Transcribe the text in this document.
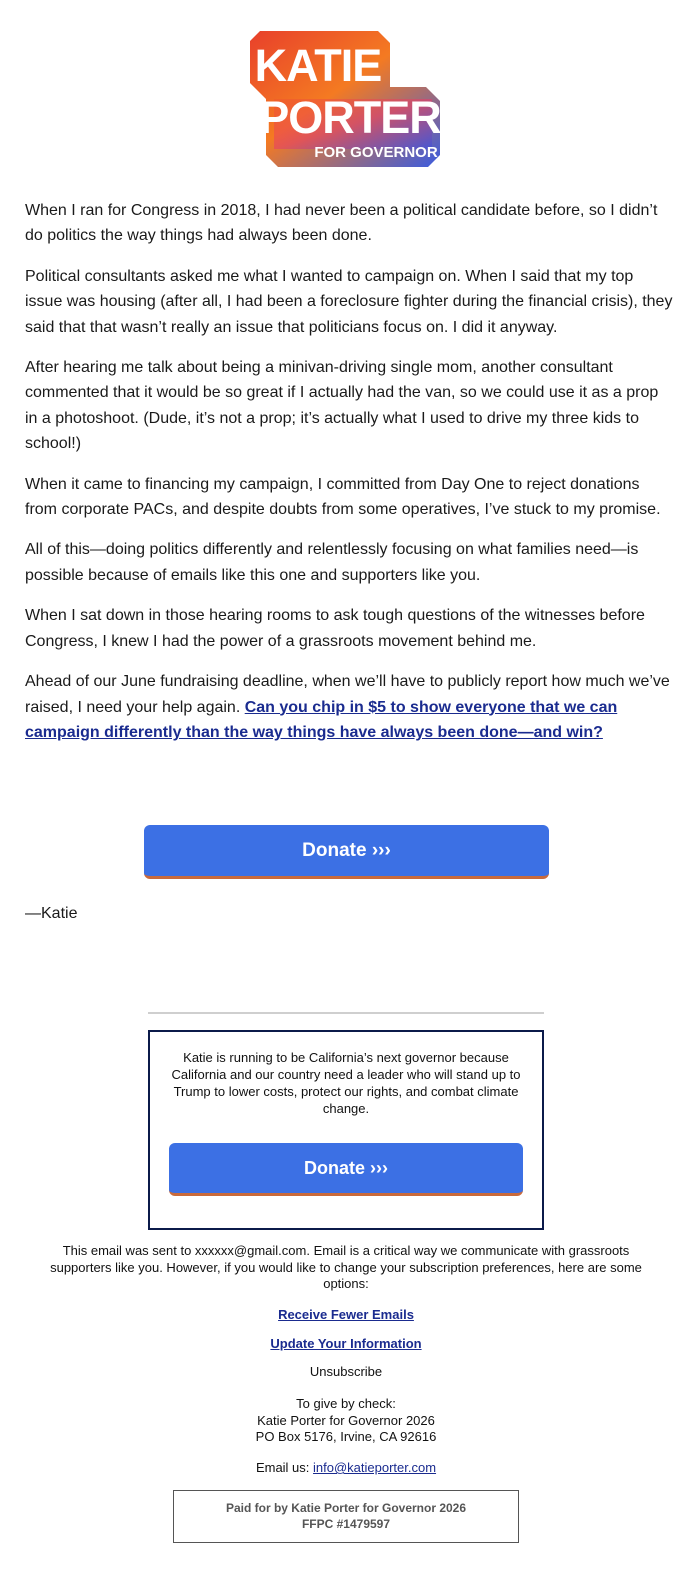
KATIE
PORTER
FOR GOVERNOR

When I ran for Congress in 2018, I had never been a political candidate before, so I didn’t do politics the way things had always been done.

Political consultants asked me what I wanted to campaign on. When I said that my top issue was housing (after all, I had been a foreclosure fighter during the financial crisis), they said that that wasn’t really an issue that politicians focus on. I did it anyway.

After hearing me talk about being a minivan-driving single mom, another consultant commented that it would be so great if I actually had the van, so we could use it as a prop in a photoshoot. (Dude, it’s not a prop; it’s actually what I used to drive my three kids to school!)

When it came to financing my campaign, I committed from Day One to reject donations from corporate PACs, and despite doubts from some operatives, I’ve stuck to my promise.

All of this—doing politics differently and relentlessly focusing on what families need—is possible because of emails like this one and supporters like you.

When I sat down in those hearing rooms to ask tough questions of the witnesses before Congress, I knew I had the power of a grassroots movement behind me.

Ahead of our June fundraising deadline, when we’ll have to publicly report how much we’ve raised, I need your help again. Can you chip in $5 to show everyone that we can campaign differently than the way things have always been done—and win?

Donate ›››
—Katie
Katie is running to be California’s next governor because California and our country need a leader who will stand up to Trump to lower costs, protect our rights, and combat climate change.
Donate ›››
This email was sent to xxxxxx@gmail.com. Email is a critical way we communicate with grassroots supporters like you. However, if you would like to change your subscription preferences, here are some options:
Receive Fewer Emails
Update Your Information
Unsubscribe
To give by check:
Katie Porter for Governor 2026
PO Box 5176, Irvine, CA 92616
Email us: info@katieporter.com
Paid for by Katie Porter for Governor 2026
FFPC #1479597
